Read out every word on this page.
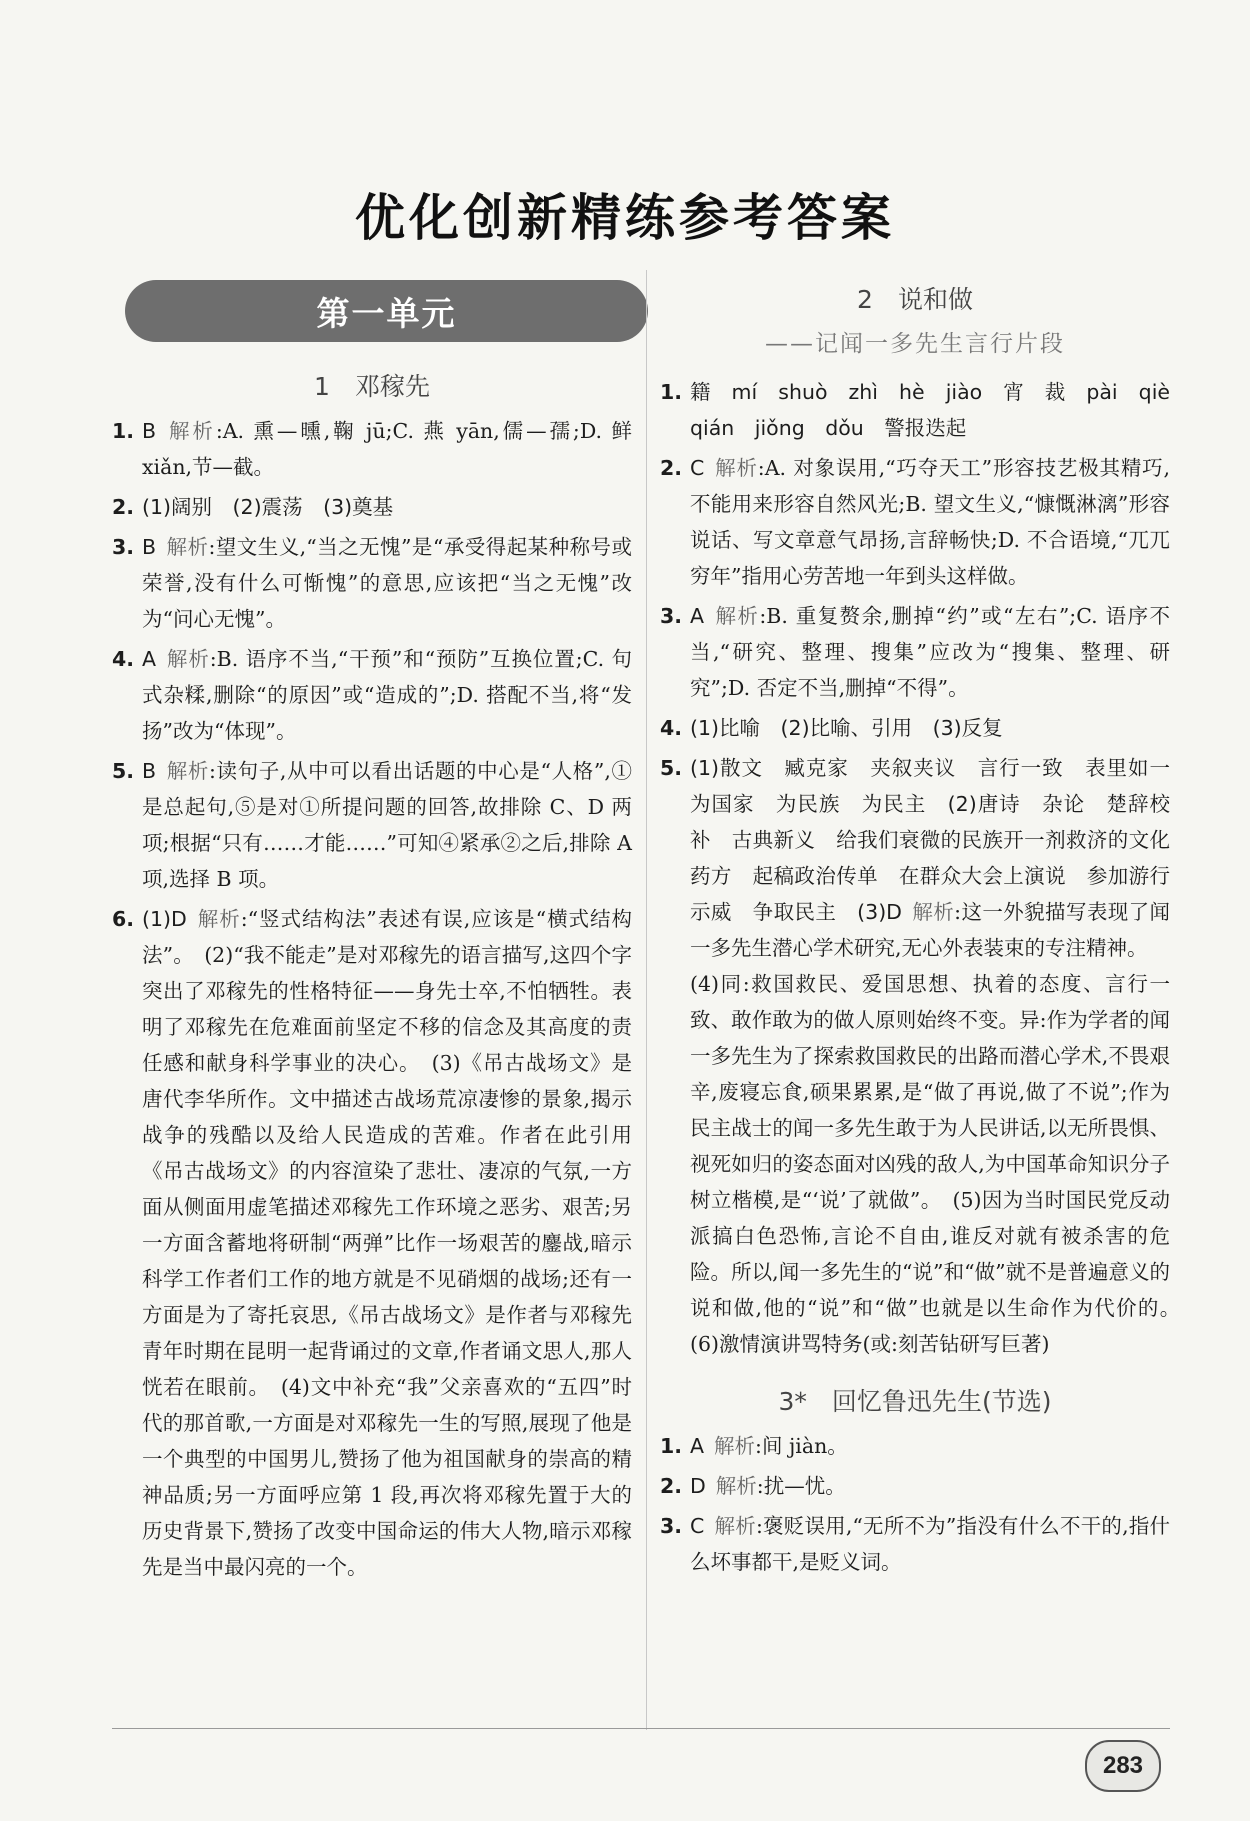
优化创新精练参考答案
第一单元
1　邓稼先
1. B 解析:A. 熏—曛,鞠 jū;C. 燕 yān,儒—孺;D. 鲜 xiǎn,节—截。
2. (1)阔别　(2)震荡　(3)奠基
3. B 解析:望文生义,“当之无愧”是“承受得起某种称号或荣誉,没有什么可惭愧”的意思,应该把“当之无愧”改为“问心无愧”。
4. A 解析:B. 语序不当,“干预”和“预防”互换位置;C. 句式杂糅,删除“的原因”或“造成的”;D. 搭配不当,将“发扬”改为“体现”。
5. B 解析:读句子,从中可以看出话题的中心是“人格”,①是总起句,⑤是对①所提问题的回答,故排除 C、D 两项;根据“只有……才能……”可知④紧承②之后,排除 A 项,选择 B 项。
6. (1)D 解析:“竖式结构法”表述有误,应该是“横式结构法”。　(2)“我不能走”是对邓稼先的语言描写,这四个字突出了邓稼先的性格特征——身先士卒,不怕牺牲。表明了邓稼先在危难面前坚定不移的信念及其高度的责任感和献身科学事业的决心。　(3)《吊古战场文》是唐代李华所作。文中描述古战场荒凉凄惨的景象,揭示战争的残酷以及给人民造成的苦难。作者在此引用《吊古战场文》的内容渲染了悲壮、凄凉的气氛,一方面从侧面用虚笔描述邓稼先工作环境之恶劣、艰苦;另一方面含蓄地将研制“两弹”比作一场艰苦的鏖战,暗示科学工作者们工作的地方就是不见硝烟的战场;还有一方面是为了寄托哀思,《吊古战场文》是作者与邓稼先青年时期在昆明一起背诵过的文章,作者诵文思人,那人恍若在眼前。　(4)文中补充“我”父亲喜欢的“五四”时代的那首歌,一方面是对邓稼先一生的写照,展现了他是一个典型的中国男儿,赞扬了他为祖国献身的崇高的精神品质;另一方面呼应第 1 段,再次将邓稼先置于大的历史背景下,赞扬了改变中国命运的伟大人物,暗示邓稼先是当中最闪亮的一个。
2　说和做
——记闻一多先生言行片段
1. 籍　mí　shuò　zhì　hè　jiào　宵　裁　pài　qiè　qián　jiǒng　dǒu　警报迭起
2. C 解析:A. 对象误用,“巧夺天工”形容技艺极其精巧,不能用来形容自然风光;B. 望文生义,“慷慨淋漓”形容说话、写文章意气昂扬,言辞畅快;D. 不合语境,“兀兀穷年”指用心劳苦地一年到头这样做。
3. A 解析:B. 重复赘余,删掉“约”或“左右”;C. 语序不当,“研究、整理、搜集”应改为“搜集、整理、研究”;D. 否定不当,删掉“不得”。
4. (1)比喻　(2)比喻、引用　(3)反复
5. (1)散文　臧克家　夹叙夹议　言行一致　表里如一　为国家　为民族　为民主　(2)唐诗　杂论　楚辞校补　古典新义　给我们衰微的民族开一剂救济的文化药方　起稿政治传单　在群众大会上演说　参加游行示威　争取民主　(3)D 解析:这一外貌描写表现了闻一多先生潜心学术研究,无心外表装束的专注精神。
(4)同:救国救民、爱国思想、执着的态度、言行一致、敢作敢为的做人原则始终不变。异:作为学者的闻一多先生为了探索救国救民的出路而潜心学术,不畏艰辛,废寝忘食,硕果累累,是“做了再说,做了不说”;作为民主战士的闻一多先生敢于为人民讲话,以无所畏惧、视死如归的姿态面对凶残的敌人,为中国革命知识分子树立楷模,是“‘说’了就做”。　(5)因为当时国民党反动派搞白色恐怖,言论不自由,谁反对就有被杀害的危险。所以,闻一多先生的“说”和“做”就不是普遍意义的说和做,他的“说”和“做”也就是以生命作为代价的。　(6)激情演讲骂特务(或:刻苦钻研写巨著)
3*　回忆鲁迅先生(节选)
1. A 解析:间 jiàn。
2. D 解析:扰—忧。
3. C 解析:褒贬误用,“无所不为”指没有什么不干的,指什么坏事都干,是贬义词。
283
